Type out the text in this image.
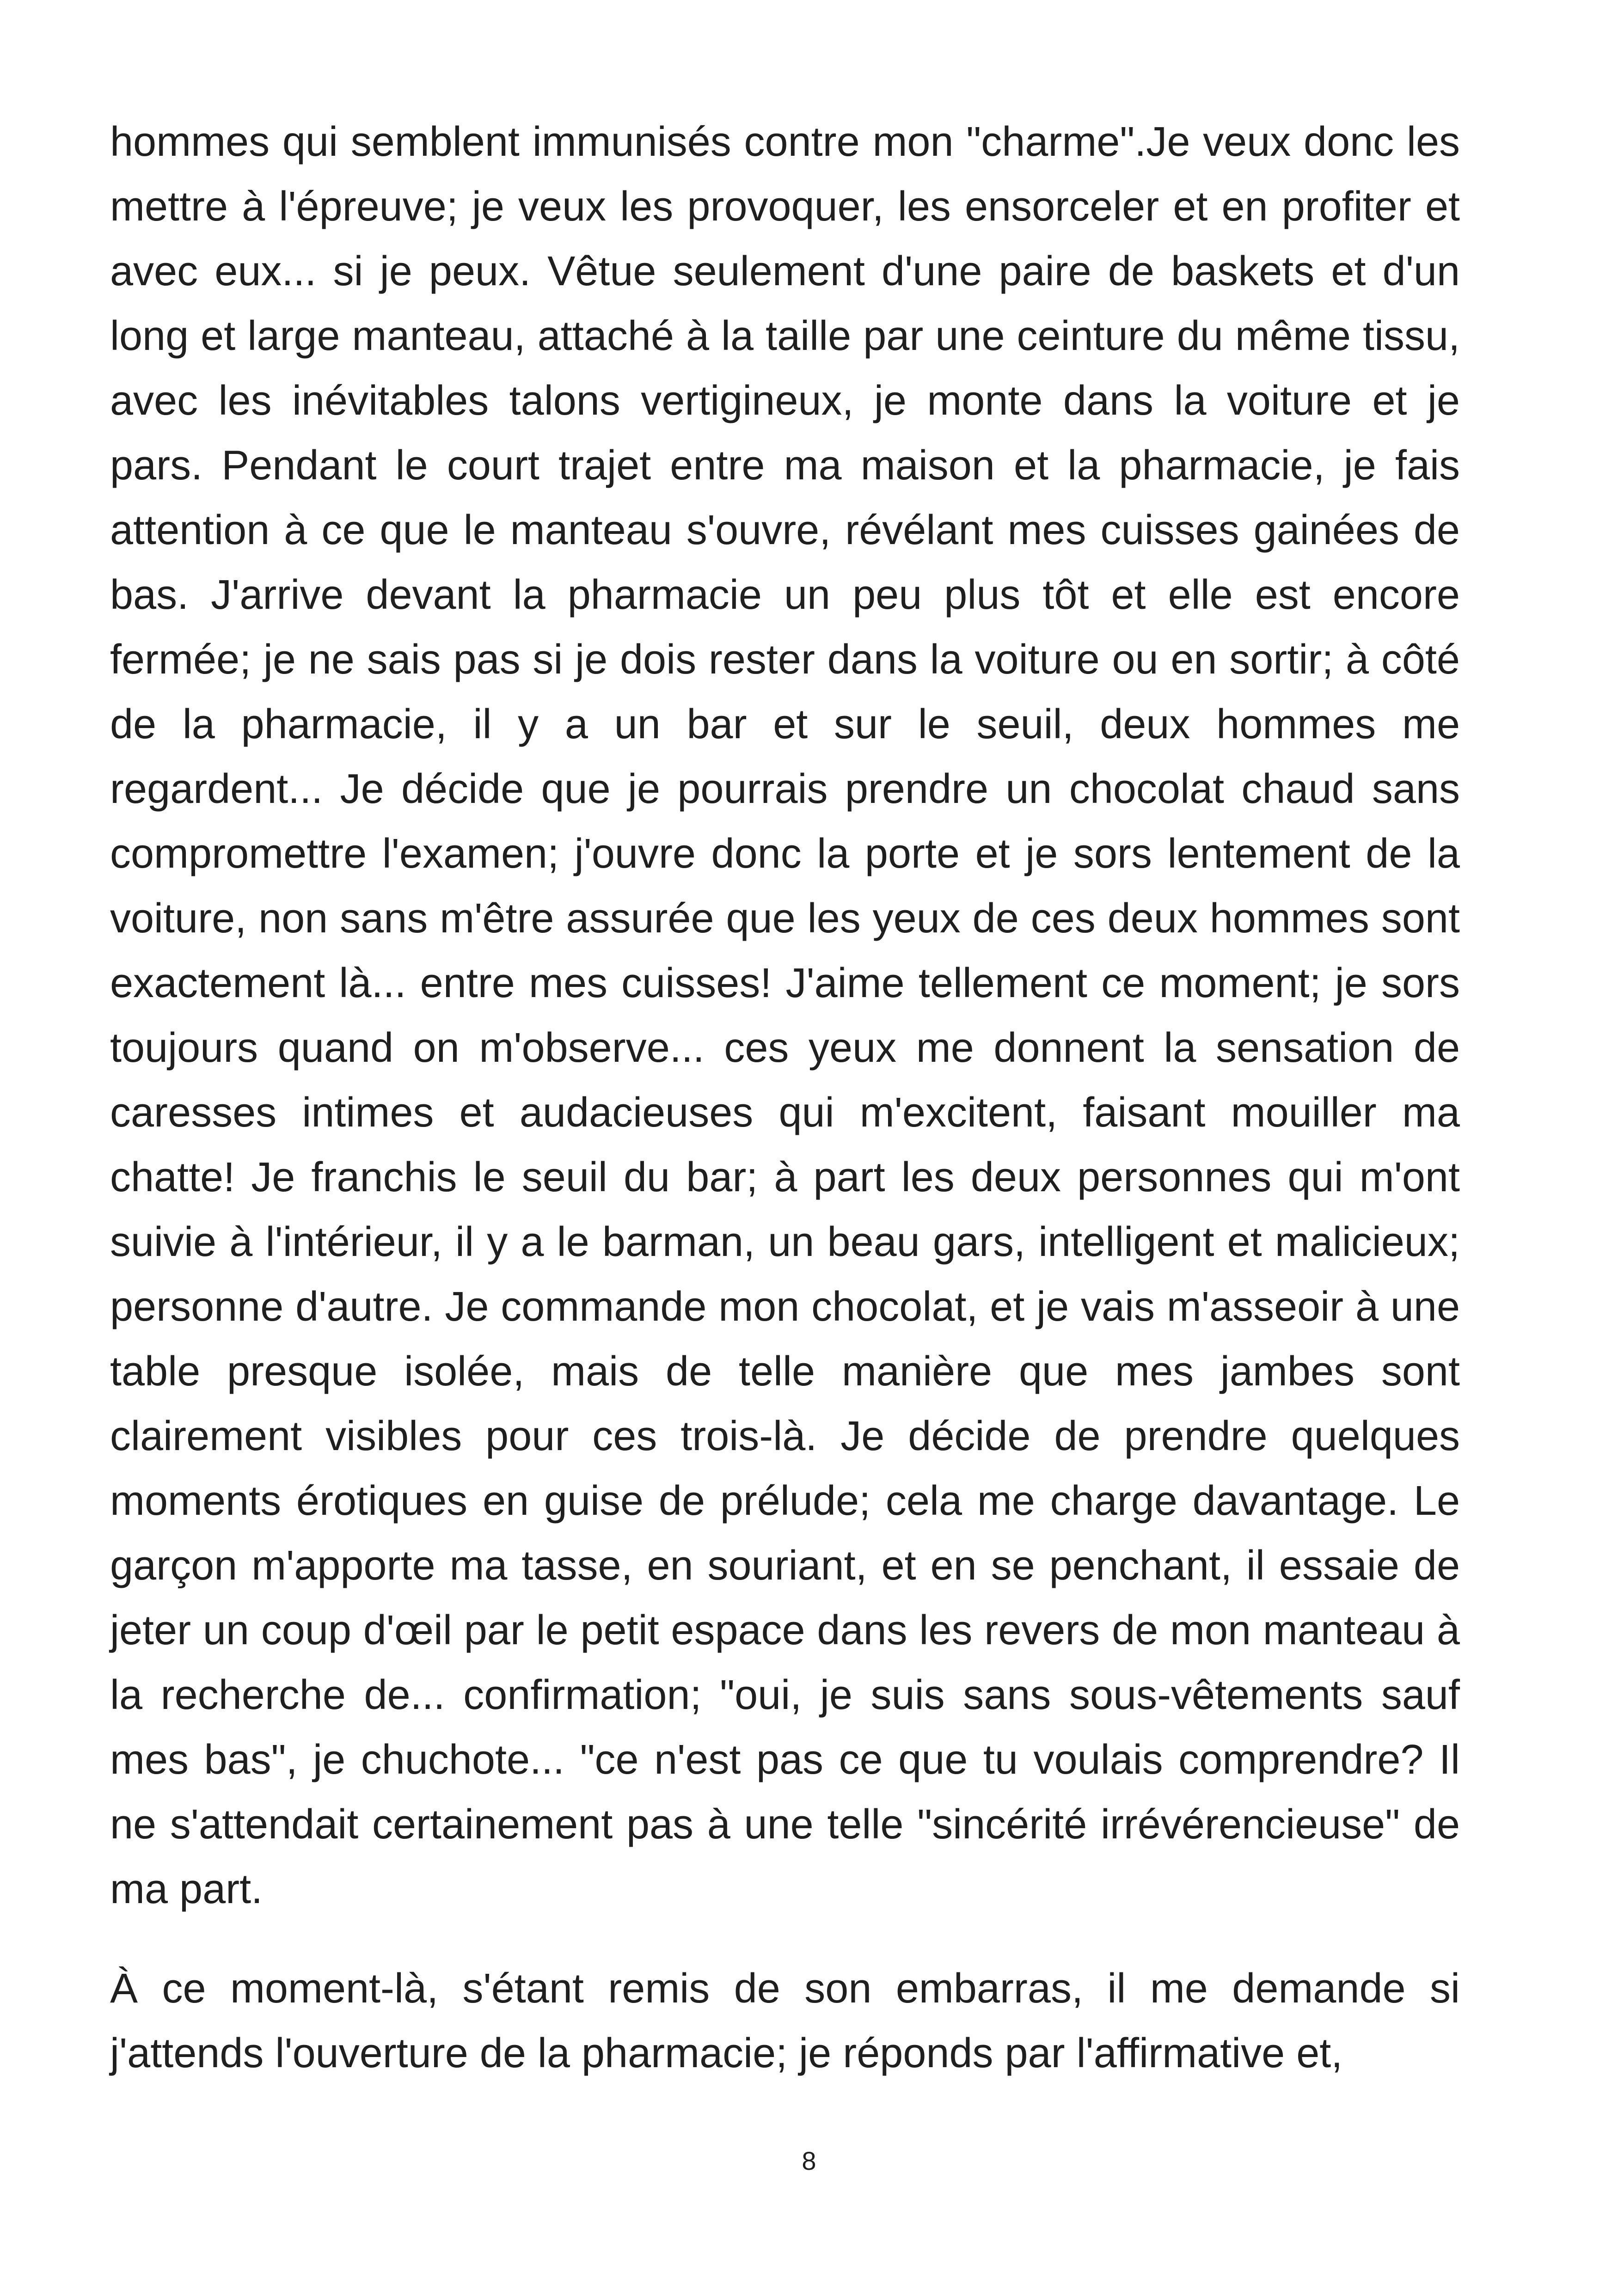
hommes qui semblent immunisés contre mon "charme".Je veux donc les mettre à l'épreuve; je veux les provoquer, les ensorceler et en profiter et avec eux... si je peux. Vêtue seulement d'une paire de baskets et d'un long et large manteau, attaché à la taille par une ceinture du même tissu, avec les inévitables talons vertigineux, je monte dans la voiture et je pars. Pendant le court trajet entre ma maison et la pharmacie, je fais attention à ce que le manteau s'ouvre, révélant mes cuisses gainées de bas. J'arrive devant la pharmacie un peu plus tôt et elle est encore fermée; je ne sais pas si je dois rester dans la voiture ou en sortir; à côté de la pharmacie, il y a un bar et sur le seuil, deux hommes me regardent... Je décide que je pourrais prendre un chocolat chaud sans compromettre l'examen; j'ouvre donc la porte et je sors lentement de la voiture, non sans m'être assurée que les yeux de ces deux hommes sont exactement là... entre mes cuisses! J'aime tellement ce moment; je sors toujours quand on m'observe... ces yeux me donnent la sensation de caresses intimes et audacieuses qui m'excitent, faisant mouiller ma chatte! Je franchis le seuil du bar; à part les deux personnes qui m'ont suivie à l'intérieur, il y a le barman, un beau gars, intelligent et malicieux; personne d'autre. Je commande mon chocolat, et je vais m'asseoir à une table presque isolée, mais de telle manière que mes jambes sont clairement visibles pour ces trois-là. Je décide de prendre quelques moments érotiques en guise de prélude; cela me charge davantage. Le garçon m'apporte ma tasse, en souriant, et en se penchant, il essaie de jeter un coup d'œil par le petit espace dans les revers de mon manteau à la recherche de... confirmation; "oui, je suis sans sous-vêtements sauf mes bas", je chuchote... "ce n'est pas ce que tu voulais comprendre? Il ne s'attendait certainement pas à une telle "sincérité irrévérencieuse" de ma part.

À ce moment-là, s'étant remis de son embarras, il me demande si j'attends l'ouverture de la pharmacie; je réponds par l'affirmative et,

8
